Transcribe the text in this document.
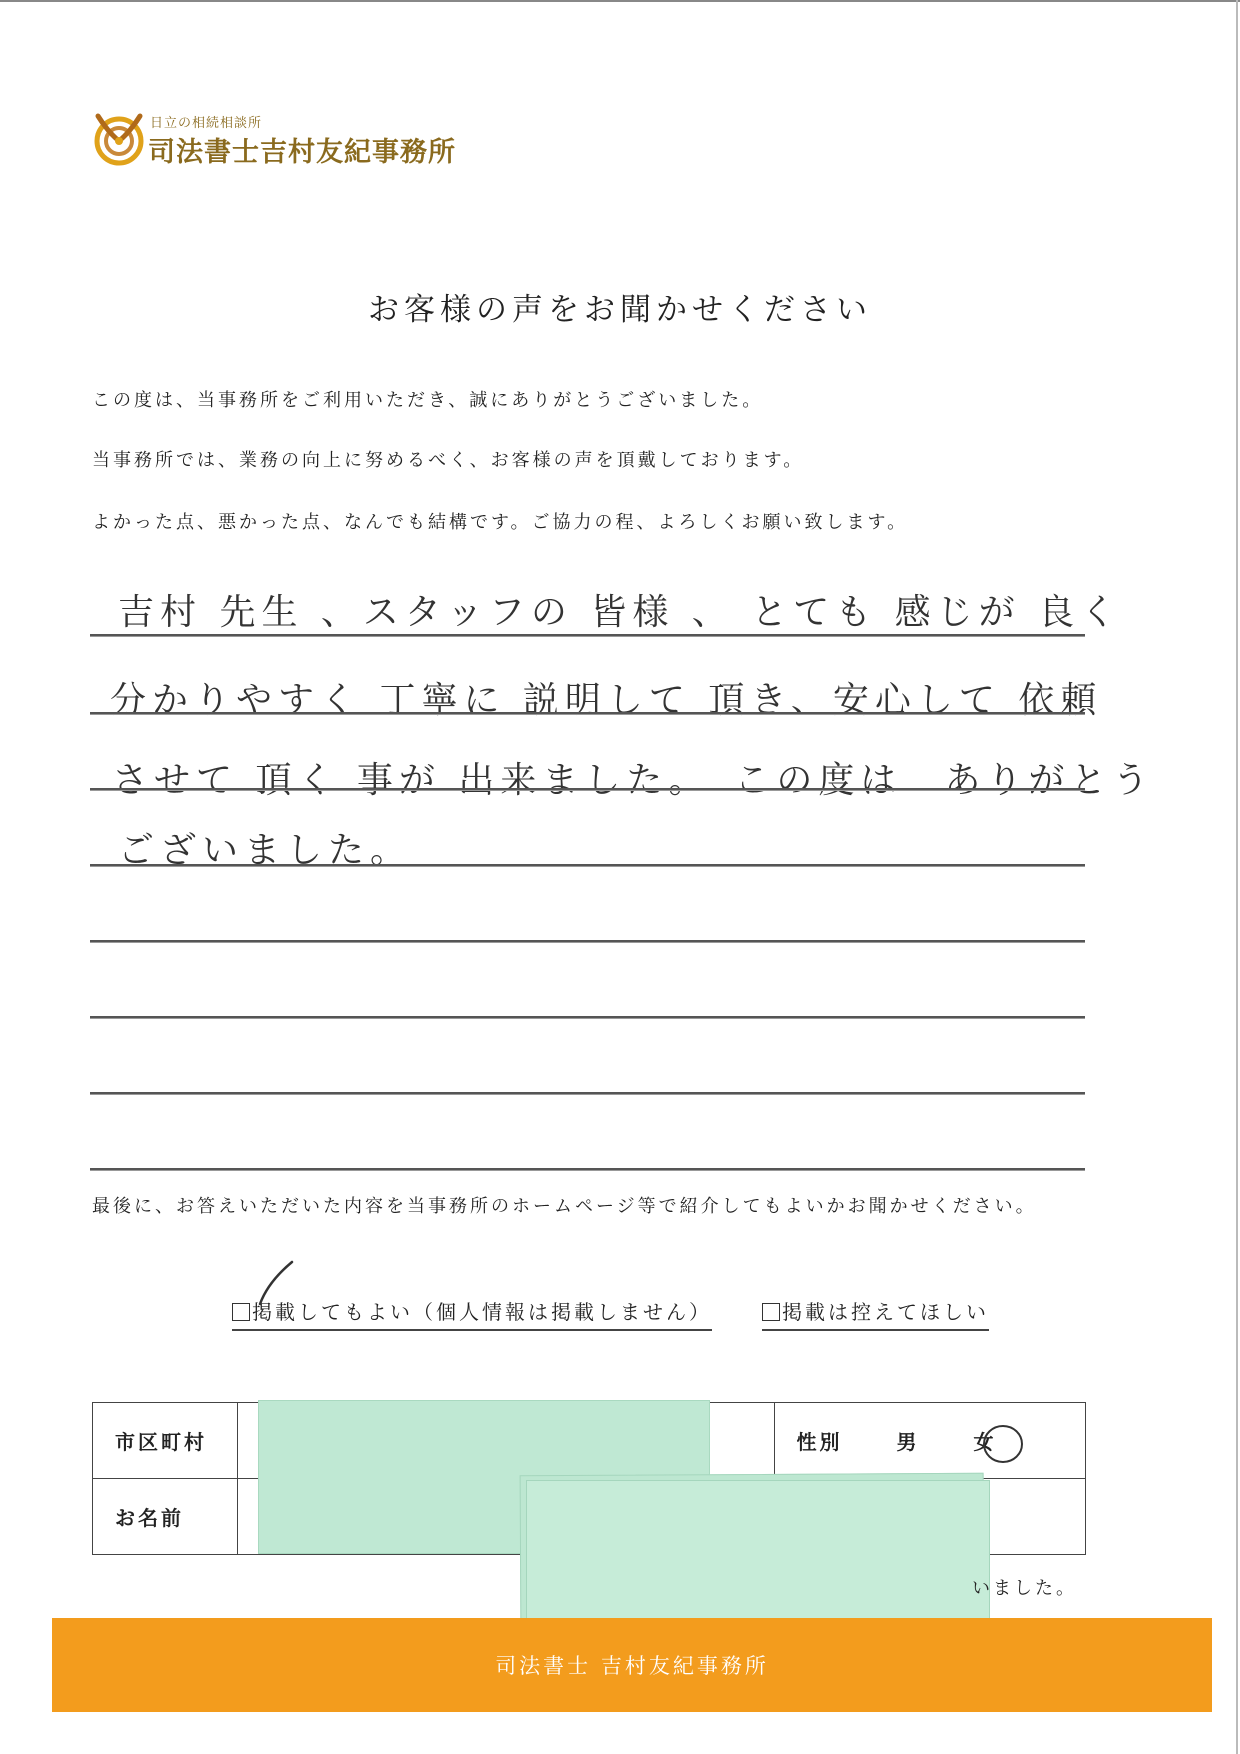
日立の相続相談所
司法書士吉村友紀事務所
お客様の声をお聞かせください
この度は、当事務所をご利用いただき、誠にありがとうございました。
当事務所では、業務の向上に努めるべく、お客様の声を頂戴しております。
よかった点、悪かった点、なんでも結構です。ご協力の程、よろしくお願い致します。
吉村 先生 、スタッフの 皆様 、 とても 感じが 良く
分かりやすく 丁寧に 説明して 頂き、安心して 依頼
させて 頂く 事が 出来ました。　この度は　ありがとう
ございました。
最後に、お答えいただいた内容を当事務所のホームページ等で紹介してもよいかお聞かせください。
掲載してもよい（個人情報は掲載しません）	掲載は控えてほしい
市区町村		性別 男 女
お名前		
いました。
司法書士 吉村友紀事務所
